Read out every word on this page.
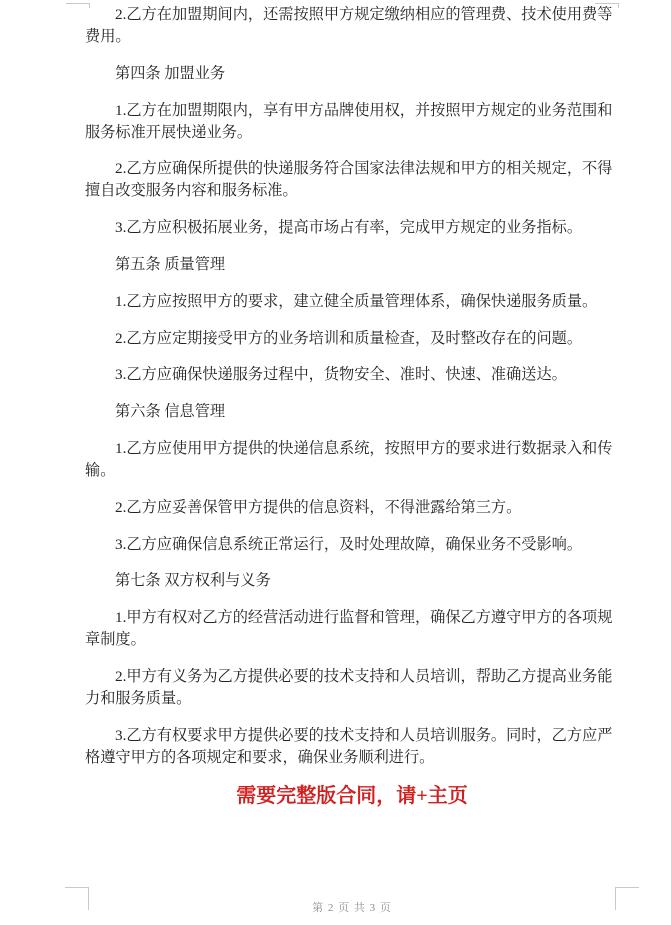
2.乙方在加盟期间内，还需按照甲方规定缴纳相应的管理费、技术使用费等
费用。
第四条 加盟业务
1.乙方在加盟期限内，享有甲方品牌使用权，并按照甲方规定的业务范围和
服务标准开展快递业务。
2.乙方应确保所提供的快递服务符合国家法律法规和甲方的相关规定，不得
擅自改变服务内容和服务标准。
3.乙方应积极拓展业务，提高市场占有率，完成甲方规定的业务指标。
第五条 质量管理
1.乙方应按照甲方的要求，建立健全质量管理体系，确保快递服务质量。
2.乙方应定期接受甲方的业务培训和质量检查，及时整改存在的问题。
3.乙方应确保快递服务过程中，货物安全、准时、快速、准确送达。
第六条 信息管理
1.乙方应使用甲方提供的快递信息系统，按照甲方的要求进行数据录入和传
输。
2.乙方应妥善保管甲方提供的信息资料，不得泄露给第三方。
3.乙方应确保信息系统正常运行，及时处理故障，确保业务不受影响。
第七条 双方权利与义务
1.甲方有权对乙方的经营活动进行监督和管理，确保乙方遵守甲方的各项规
章制度。
2.甲方有义务为乙方提供必要的技术支持和人员培训，帮助乙方提高业务能
力和服务质量。
3.乙方有权要求甲方提供必要的技术支持和人员培训服务。同时，乙方应严
格遵守甲方的各项规定和要求，确保业务顺利进行。
需要完整版合同，请+主页
第 2 页 共 3 页
